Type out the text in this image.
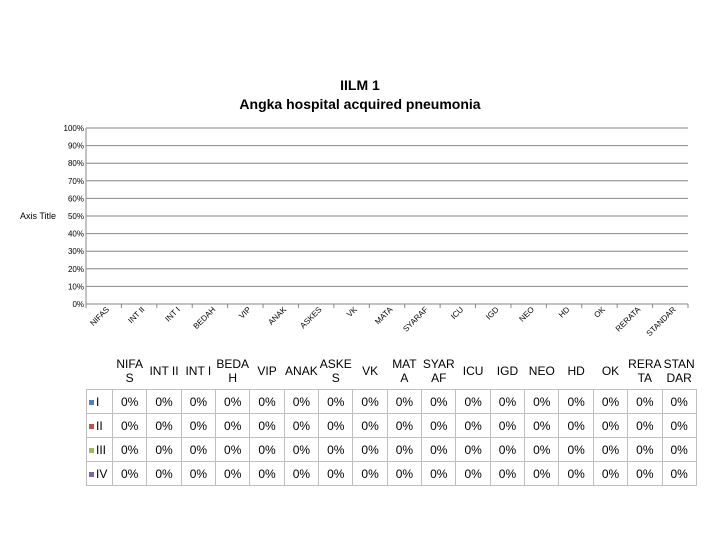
IILM 1
Angka hospital acquired pneumonia
0%
10%
20%
30%
40%
50%
60%
70%
80%
90%
100%
Axis Title
NIFAS INT II INT I BEDAH VIP ANAK ASKES	VK MATA SYARAF ICU IGD NEO	HD	OK RERATA STANDAR
	NIFAS	INT II	INT I	BEDA H	VIP	ANAK	ASKE S	VK	MAT A	SYAR AF	ICU	IGD	NEO	HD	OK	RERA TA	STAN DAR
I	0%	0%	0%	0%	0%	0%	0%	0%	0%	0%	0%	0%	0%	0%	0%	0%	0%
II	0%	0%	0%	0%	0%	0%	0%	0%	0%	0%	0%	0%	0%	0%	0%	0%	0%
III	0%	0%	0%	0%	0%	0%	0%	0%	0%	0%	0%	0%	0%	0%	0%	0%	0%
IV	0%	0%	0%	0%	0%	0%	0%	0%	0%	0%	0%	0%	0%	0%	0%	0%	0%
